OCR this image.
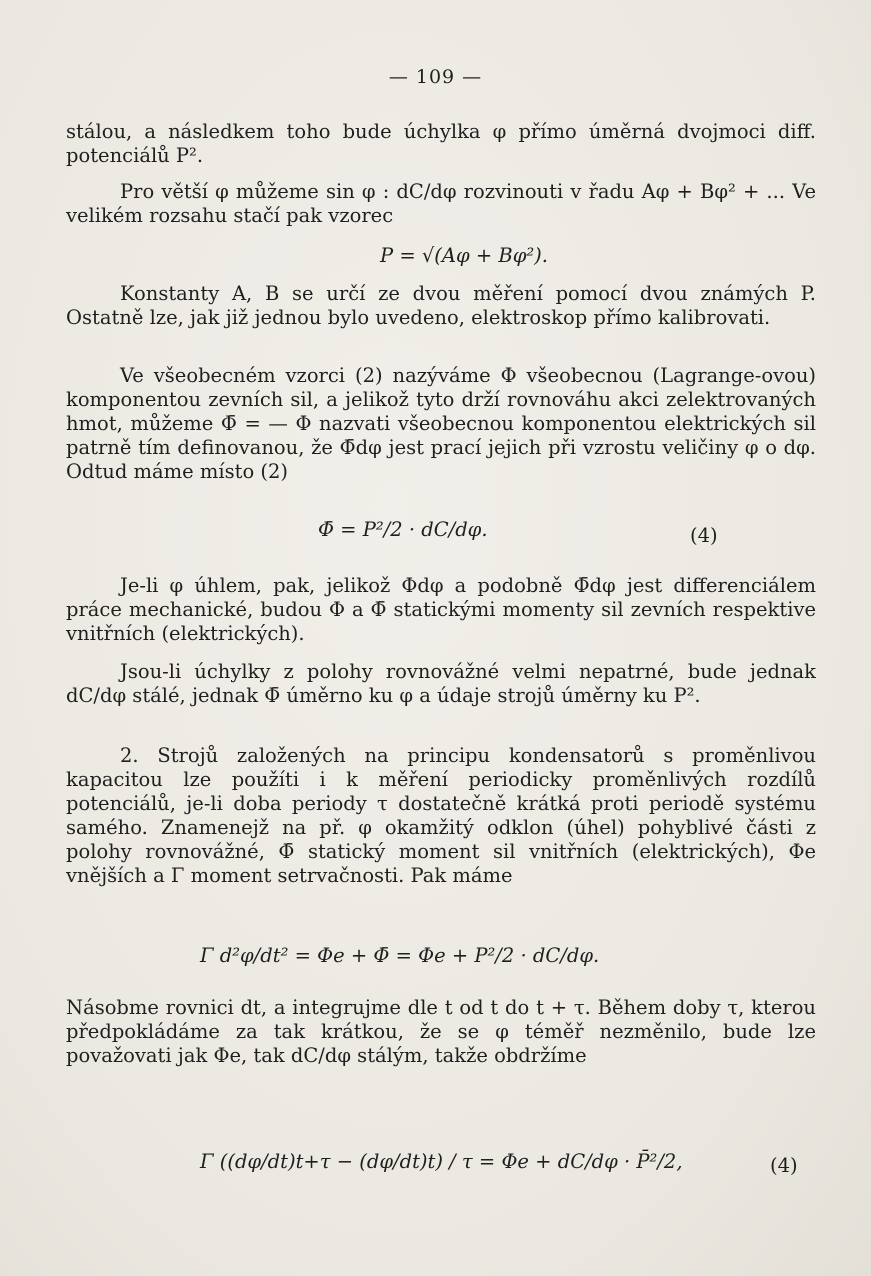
— 109 —

stálou, a následkem toho bude úchylka φ přímo úměrná dvojmoci diff. potenciálů P².

Pro větší φ můžeme sin φ : dC/dφ rozvinouti v řadu Aφ + Bφ² + ... Ve velikém rozsahu stačí pak vzorec

P = √(Aφ + Bφ²).

Konstanty A, B se určí ze dvou měření pomocí dvou známých P. Ostatně lze, jak již jednou bylo uvedeno, elektroskop přímo kalibrovati.

Ve všeobecném vzorci (2) nazýváme Φ všeobecnou (Lagrange-ovou) komponentou zevních sil, a jelikož tyto drží rovnováhu akci zelektrovaných hmot, můžeme Φ̄ = — Φ nazvati všeobecnou komponentou elektrických sil patrně tím definovanou, že Φ̄dφ jest prací jejich při vzrostu veličiny φ o dφ. Odtud máme místo (2)

Φ̄ = P²/2 · dC/dφ.	(4)

Je-li φ úhlem, pak, jelikož Φdφ a podobně Φ̄dφ jest differenciálem práce mechanické, budou Φ a Φ̄ statickými momenty sil zevních respektive vnitřních (elektrických).

Jsou-li úchylky z polohy rovnovážné velmi nepatrné, bude jednak dC/dφ stálé, jednak Φ̄ úměrno ku φ a údaje strojů úměrny ku P².

2. Strojů založených na principu kondensatorů s proměnlivou kapacitou lze použíti i k měření periodicky proměnlivých rozdílů potenciálů, je-li doba periody τ dostatečně krátká proti periodě systému samého. Znamenejž na př. φ okamžitý odklon (úhel) pohyblivé části z polohy rovnovážné, Φ̄ statický moment sil vnitřních (elektrických), Φe vnějších a Γ moment setrvačnosti. Pak máme

Γ d²φ/dt² = Φe + Φ̄ = Φe + P²/2 · dC/dφ.

Násobme rovnici dt, a integrujme dle t od t do t + τ. Během doby τ, kterou předpokládáme za tak krátkou, že se φ téměř nezměnilo, bude lze považovati jak Φe, tak dC/dφ stálým, takže obdržíme

Γ ((dφ/dt)t+τ − (dφ/dt)t) / τ = Φe + dC/dφ · P̄²/2,	(4)
